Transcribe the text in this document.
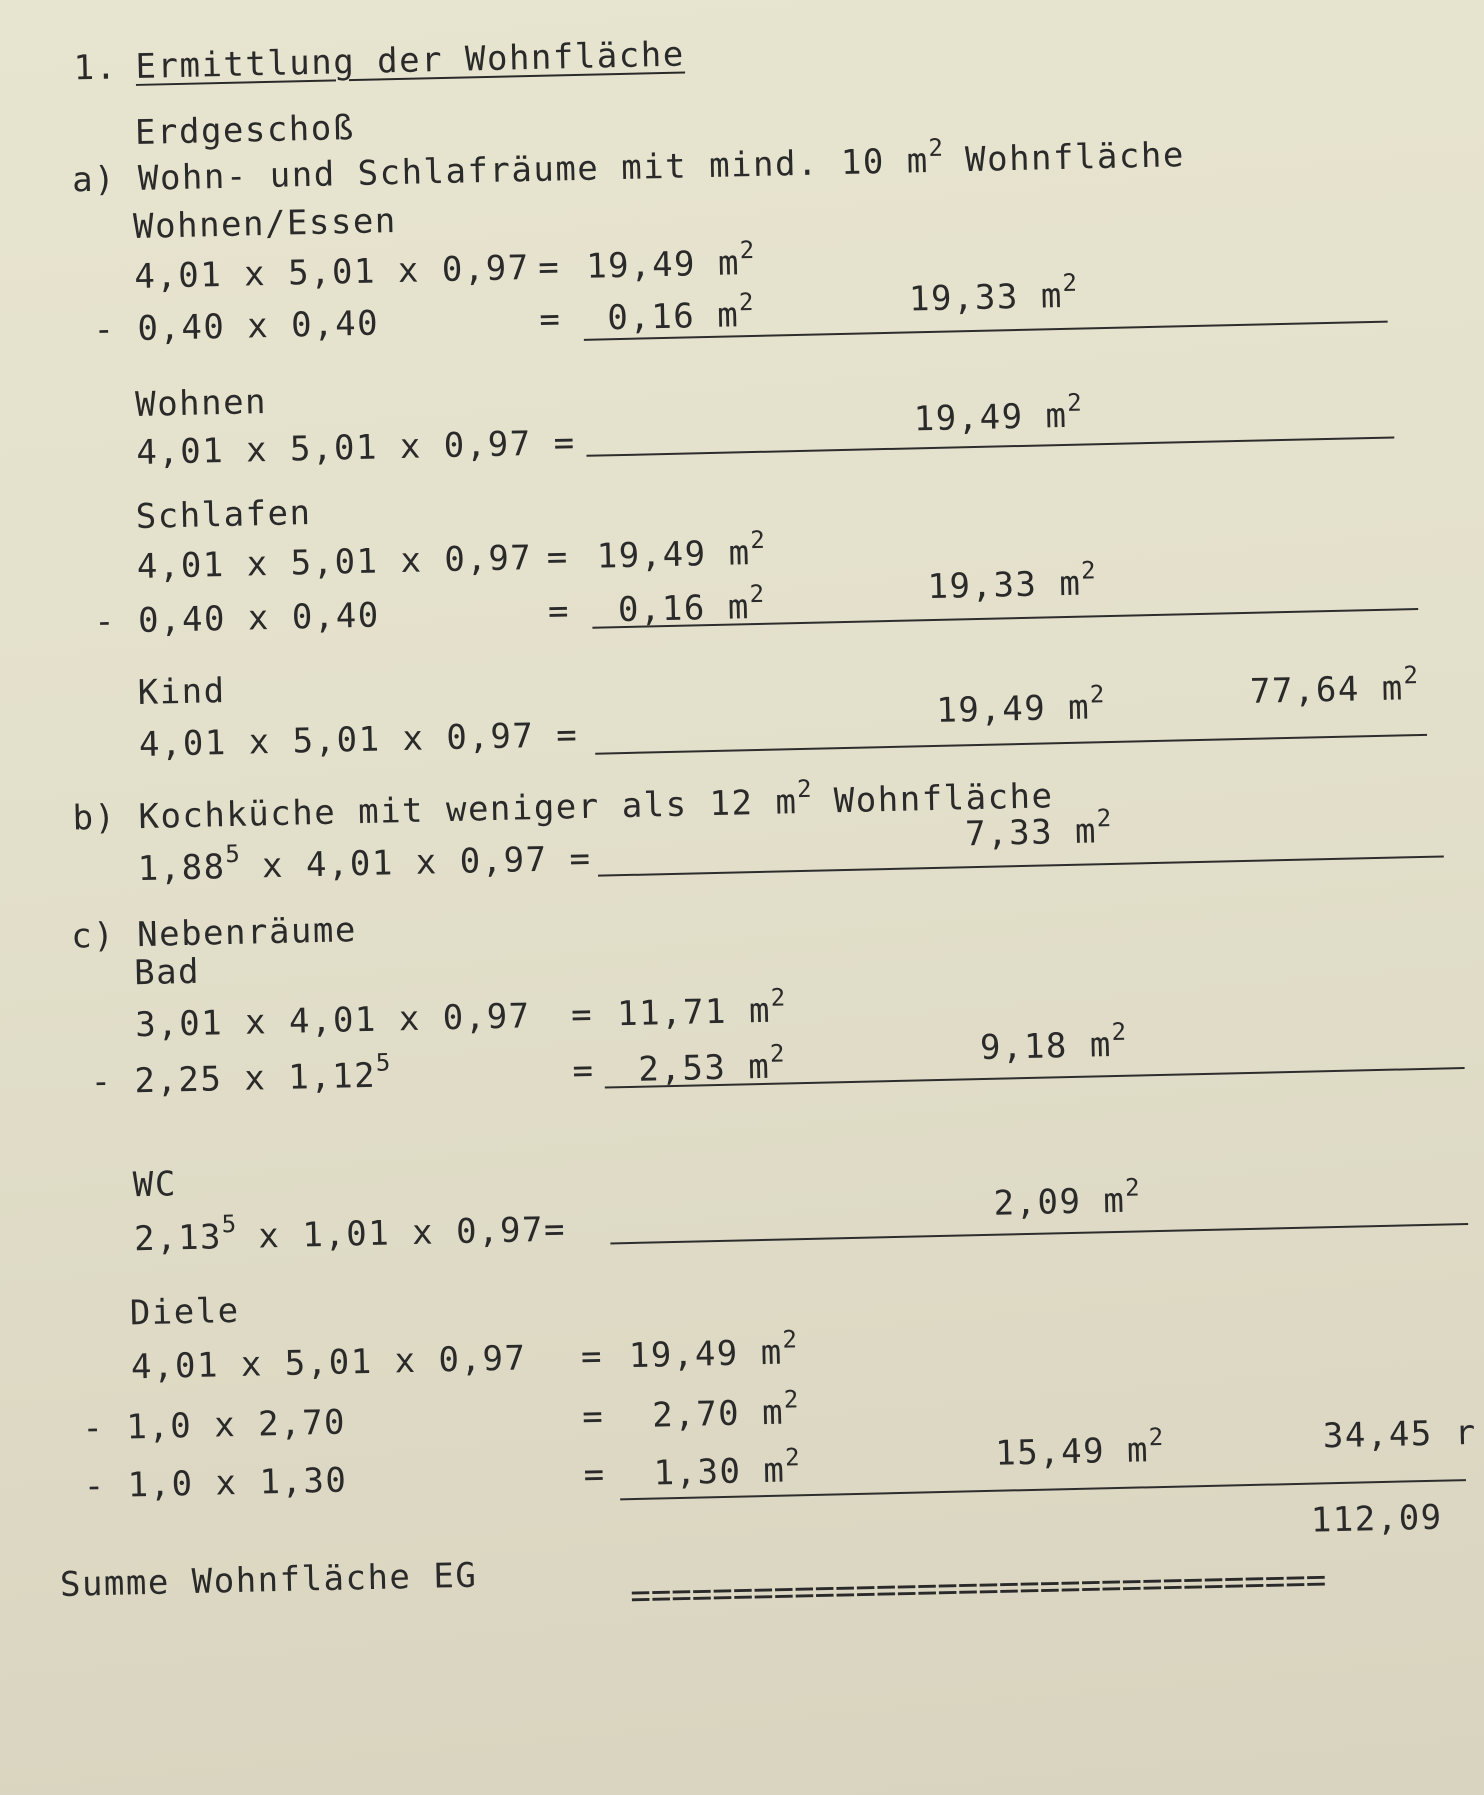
1. Ermittlung der Wohnfläche
Erdgeschoß
a) Wohn- und Schlafräume mit mind. 10 $m^2$ Wohnfläche
Wohnen/Essen
4,01 x 5,01 x 0,97 = 19,49 $m^2$
- 0,40 x 0,40	= 0,16 $m^2$	19,33 $m^2$
Wohnen
4,01 x 5,01 x 0,97 =
19,49 $m^2$
Schlafen
4,01 x 5,01 x 0,97 = 19,49 $m^2$
- 0,40 x 0,40	= 0,16 $m^2$	19,33 $m^2$
Kind
4,01 x 5,01 x 0,97 =
19,49 $m^2$	77,64 $m^2$
b) Kochküche mit weniger als 12 $m^2$ Wohnfläche
1,88$^5$ x 4,01 x 0,97 =
7,33 $m^2$
c) Nebenräume
Bad
3,01 x 4,01 x 0,97 = 11,71 $m^2$
- 2,25 x $1,12^5$	= 2,53 $m^2$	9,18 $m^2$
WC
2,13$^5$ x 1,01 x 0,97=
2,09 $m^2$
Diele
4,01 x 5,01 x 0,97 = 19,49 $m^2$
- 1,0 x 2,70	= 2,70 $m^2$
- 1,0 x 1,30	= 1,30 $m^2$	15,49 $m^2$	34,45 r
Summe Wohnfläche EG
112,09
==================================
